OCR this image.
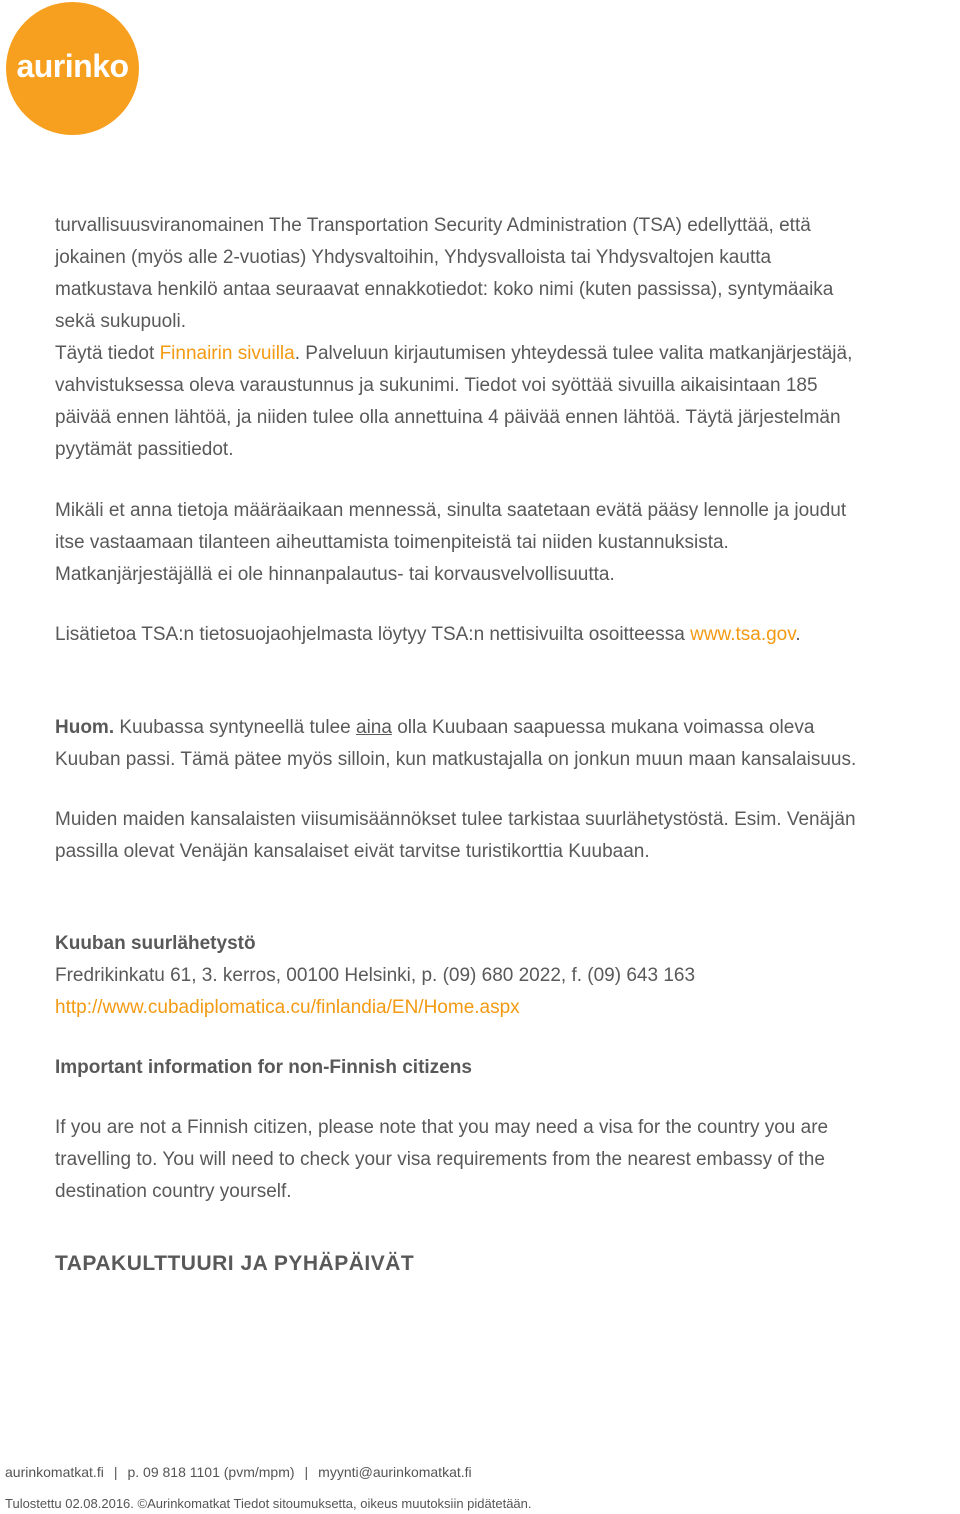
aurinko

turvallisuusviranomainen The Transportation Security Administration (TSA) edellyttää, että

jokainen (myös alle 2-vuotias) Yhdysvaltoihin, Yhdysvalloista tai Yhdysvaltojen kautta

matkustava henkilö antaa seuraavat ennakkotiedot: koko nimi (kuten passissa), syntymäaika

sekä sukupuoli.

Täytä tiedot Finnairin sivuilla. Palveluun kirjautumisen yhteydessä tulee valita matkanjärjestäjä,

vahvistuksessa oleva varaustunnus ja sukunimi. Tiedot voi syöttää sivuilla aikaisintaan 185

päivää ennen lähtöä, ja niiden tulee olla annettuina 4 päivää ennen lähtöä. Täytä järjestelmän

pyytämät passitiedot.

Mikäli et anna tietoja määräaikaan mennessä, sinulta saatetaan evätä pääsy lennolle ja joudut

itse vastaamaan tilanteen aiheuttamista toimenpiteistä tai niiden kustannuksista.

Matkanjärjestäjällä ei ole hinnanpalautus- tai korvausvelvollisuutta.

Lisätietoa TSA:n tietosuojaohjelmasta löytyy TSA:n nettisivuilta osoitteessa www.tsa.gov.

Huom. Kuubassa syntyneellä tulee aina olla Kuubaan saapuessa mukana voimassa oleva

Kuuban passi. Tämä pätee myös silloin, kun matkustajalla on jonkun muun maan kansalaisuus.

Muiden maiden kansalaisten viisumisäännökset tulee tarkistaa suurlähetystöstä. Esim. Venäjän

passilla olevat Venäjän kansalaiset eivät tarvitse turistikorttia Kuubaan.

Kuuban suurlähetystö

Fredrikinkatu 61, 3. kerros, 00100 Helsinki, p. (09) 680 2022, f. (09) 643 163

http://www.cubadiplomatica.cu/finlandia/EN/Home.aspx

Important information for non-Finnish citizens

If you are not a Finnish citizen, please note that you may need a visa for the country you are

travelling to. You will need to check your visa requirements from the nearest embassy of the

destination country yourself.

TAPAKULTTUURI JA PYHÄPÄIVÄT

aurinkomatkat.fi | p. 09 818 1101 (pvm/mpm) | myynti@aurinkomatkat.fi
Tulostettu 02.08.2016. ©Aurinkomatkat Tiedot sitoumuksetta, oikeus muutoksiin pidätetään.
